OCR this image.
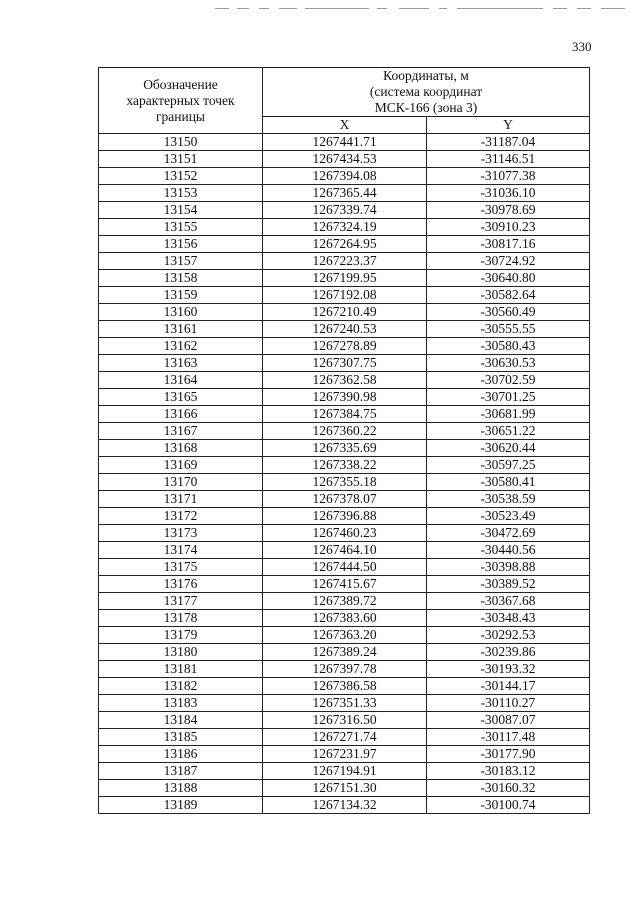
330
Обозначение характерных точек границы	Координаты, м
(система координат
МСК-166 (зона 3)	

	X	Y
13150	1267441.71	-31187.04
13151	1267434.53	-31146.51
13152	1267394.08	-31077.38
13153	1267365.44	-31036.10
13154	1267339.74	-30978.69
13155	1267324.19	-30910.23
13156	1267264.95	-30817.16
13157	1267223.37	-30724.92
13158	1267199.95	-30640.80
13159	1267192.08	-30582.64
13160	1267210.49	-30560.49
13161	1267240.53	-30555.55
13162	1267278.89	-30580.43
13163	1267307.75	-30630.53
13164	1267362.58	-30702.59
13165	1267390.98	-30701.25
13166	1267384.75	-30681.99
13167	1267360.22	-30651.22
13168	1267335.69	-30620.44
13169	1267338.22	-30597.25
13170	1267355.18	-30580.41
13171	1267378.07	-30538.59
13172	1267396.88	-30523.49
13173	1267460.23	-30472.69
13174	1267464.10	-30440.56
13175	1267444.50	-30398.88
13176	1267415.67	-30389.52
13177	1267389.72	-30367.68
13178	1267383.60	-30348.43
13179	1267363.20	-30292.53
13180	1267389.24	-30239.86
13181	1267397.78	-30193.32
13182	1267386.58	-30144.17
13183	1267351.33	-30110.27
13184	1267316.50	-30087.07
13185	1267271.74	-30117.48
13186	1267231.97	-30177.90
13187	1267194.91	-30183.12
13188	1267151.30	-30160.32
13189	1267134.32	-30100.74
